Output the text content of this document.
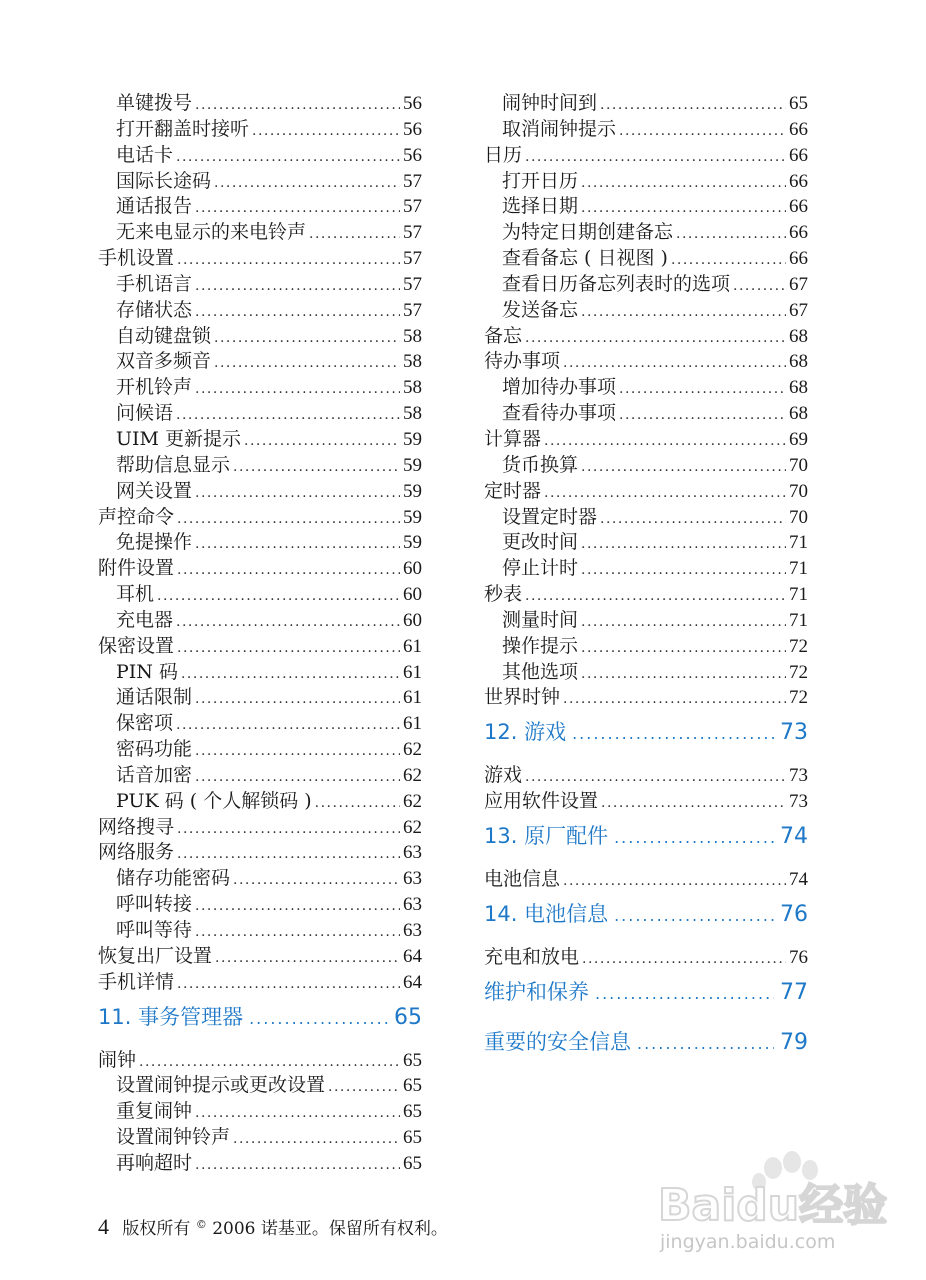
单键拨号 .....	56
打开翻盖时接听 .....	56
电话卡 .....	56
国际长途码 .....	57
通话报告 .....	57
无来电显示的来电铃声 .....	57
手机设置 .....	57
手机语言 .....	57
存储状态 .....	57
自动键盘锁 .....	58
双音多频音 .....	58
开机铃声 .....	58
问候语 .....	58
UIM 更新提示 .....	59
帮助信息显示 .....	59
网关设置 .....	59
声控命令 .....	59
免提操作 .....	59
附件设置 .....	60
耳机 .....	60
充电器 .....	60
保密设置 .....	61
PIN 码 .....	61
通话限制 .....	61
保密项 .....	61
密码功能 .....	62
话音加密 .....	62
PUK 码 ( 个人解锁码 ) .....	62
网络搜寻 .....	62
网络服务 .....	63
储存功能密码 .....	63
呼叫转接 .....	63
呼叫等待 .....	63
恢复出厂设置 .....	64
手机详情 .....	64
11. 事务管理器 .....	65
闹钟 .....	65
设置闹钟提示或更改设置 .....	65
重复闹钟 .....	65
设置闹钟铃声 .....	65
再响超时 .....	65
闹钟时间到 .....	65
取消闹钟提示 .....	66
日历 .....	66
打开日历 .....	66
选择日期 .....	66
为特定日期创建备忘 .....	66
查看备忘 ( 日视图 ) .....	66
查看日历备忘列表时的选项 .....	67
发送备忘 .....	67
备忘 .....	68
待办事项 .....	68
增加待办事项 .....	68
查看待办事项 .....	68
计算器 .....	69
货币换算 .....	70
定时器 .....	70
设置定时器 .....	70
更改时间 .....	71
停止计时 .....	71
秒表 .....	71
测量时间 .....	71
操作提示 .....	72
其他选项 .....	72
世界时钟 .....	72
12. 游戏 .....	73
游戏 .....	73
应用软件设置 .....	73
13. 原厂配件 .....	74
电池信息 .....	74
14. 电池信息 .....	76
充电和放电 .....	76
维护和保养 .....	77
重要的安全信息 .....	79
4 版权所有 © 2006 诺基亚。保留所有权利。	Baidu经验
jingyan.baidu.com
